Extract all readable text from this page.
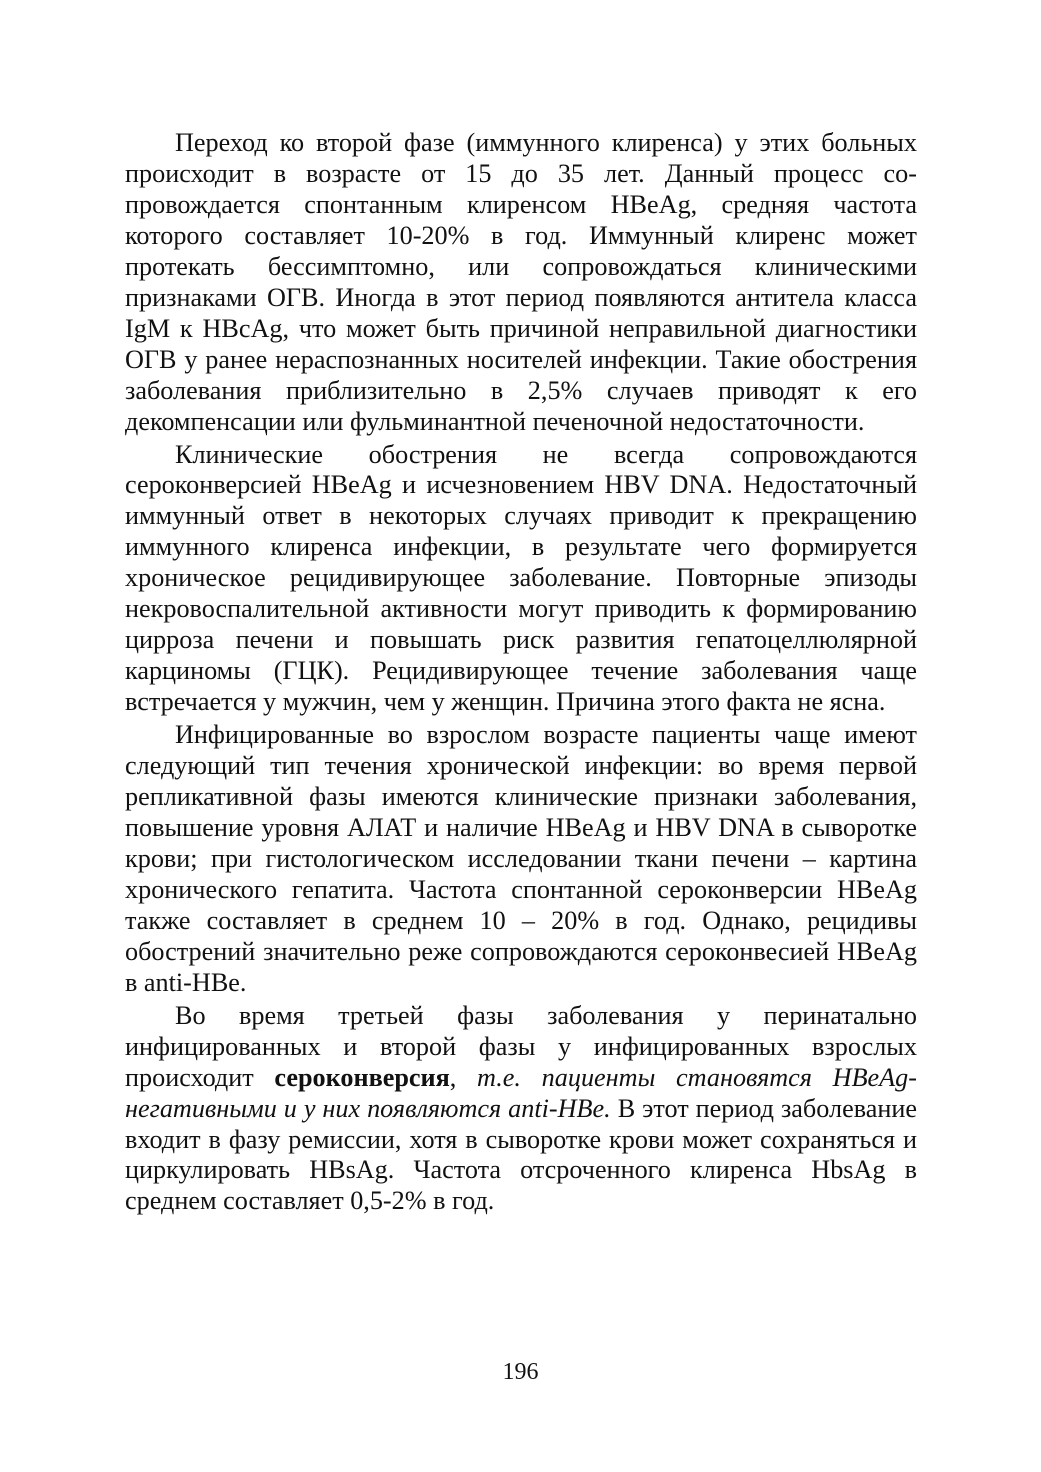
Переход ко второй фазе (иммунного клиренса) у этих больных происходит в возрасте от 15 до 35 лет. Данный процесс сопровождается спонтанным клиренсом HBeAg, средняя частота которого составляет 10-20% в год. Иммунный клиренс может протекать бессимптомно, или сопровождаться клиническими признаками ОГВ. Иногда в этот период появляются антитела класса IgM к HBcAg, что может быть причиной неправильной диагностики ОГВ у ранее нераспознанных носителей инфекции. Такие обострения заболевания приблизительно в 2,5% случаев приводят к его декомпенсации или фульминантной печеночной недостаточности.

Клинические обострения не всегда сопровождаются сероконверсией HBeAg и исчезновением HBV DNA. Недостаточный иммунный ответ в некоторых случаях приводит к прекращению иммунного клиренса инфекции, в результате чего формируется хроническое рецидивирующее заболевание. Повторные эпизоды некровоспалительной активности могут приводить к формированию цирроза печени и повышать риск развития гепатоцеллюлярной карциномы (ГЦК). Рецидивирующее течение заболевания чаще встречается у мужчин, чем у женщин. Причина этого факта не ясна.

Инфицированные во взрослом возрасте пациенты чаще имеют следующий тип течения хронической инфекции: во время первой репликативной фазы имеются клинические признаки заболевания, повышение уровня АЛАТ и наличие HBeAg и HBV DNA в сыворотке крови; при гистологическом исследовании ткани печени – картина хронического гепатита. Частота спонтанной сероконверсии HBeAg также составляет в среднем 10 – 20% в год. Однако, рецидивы обострений значительно реже сопровождаются сероконвесией HBeAg в anti-HBe.

Во время третьей фазы заболевания у перинатально инфицированных и второй фазы у инфицированных взрослых происходит сероконверсия, т.е. пациенты становятся HBeAg-негативными и у них появляются anti-HBe. В этот период заболевание входит в фазу ремиссии, хотя в сыворотке крови может сохраняться и циркулировать HBsAg. Частота отсроченного клиренса HbsAg в среднем составляет 0,5-2% в год.

196
